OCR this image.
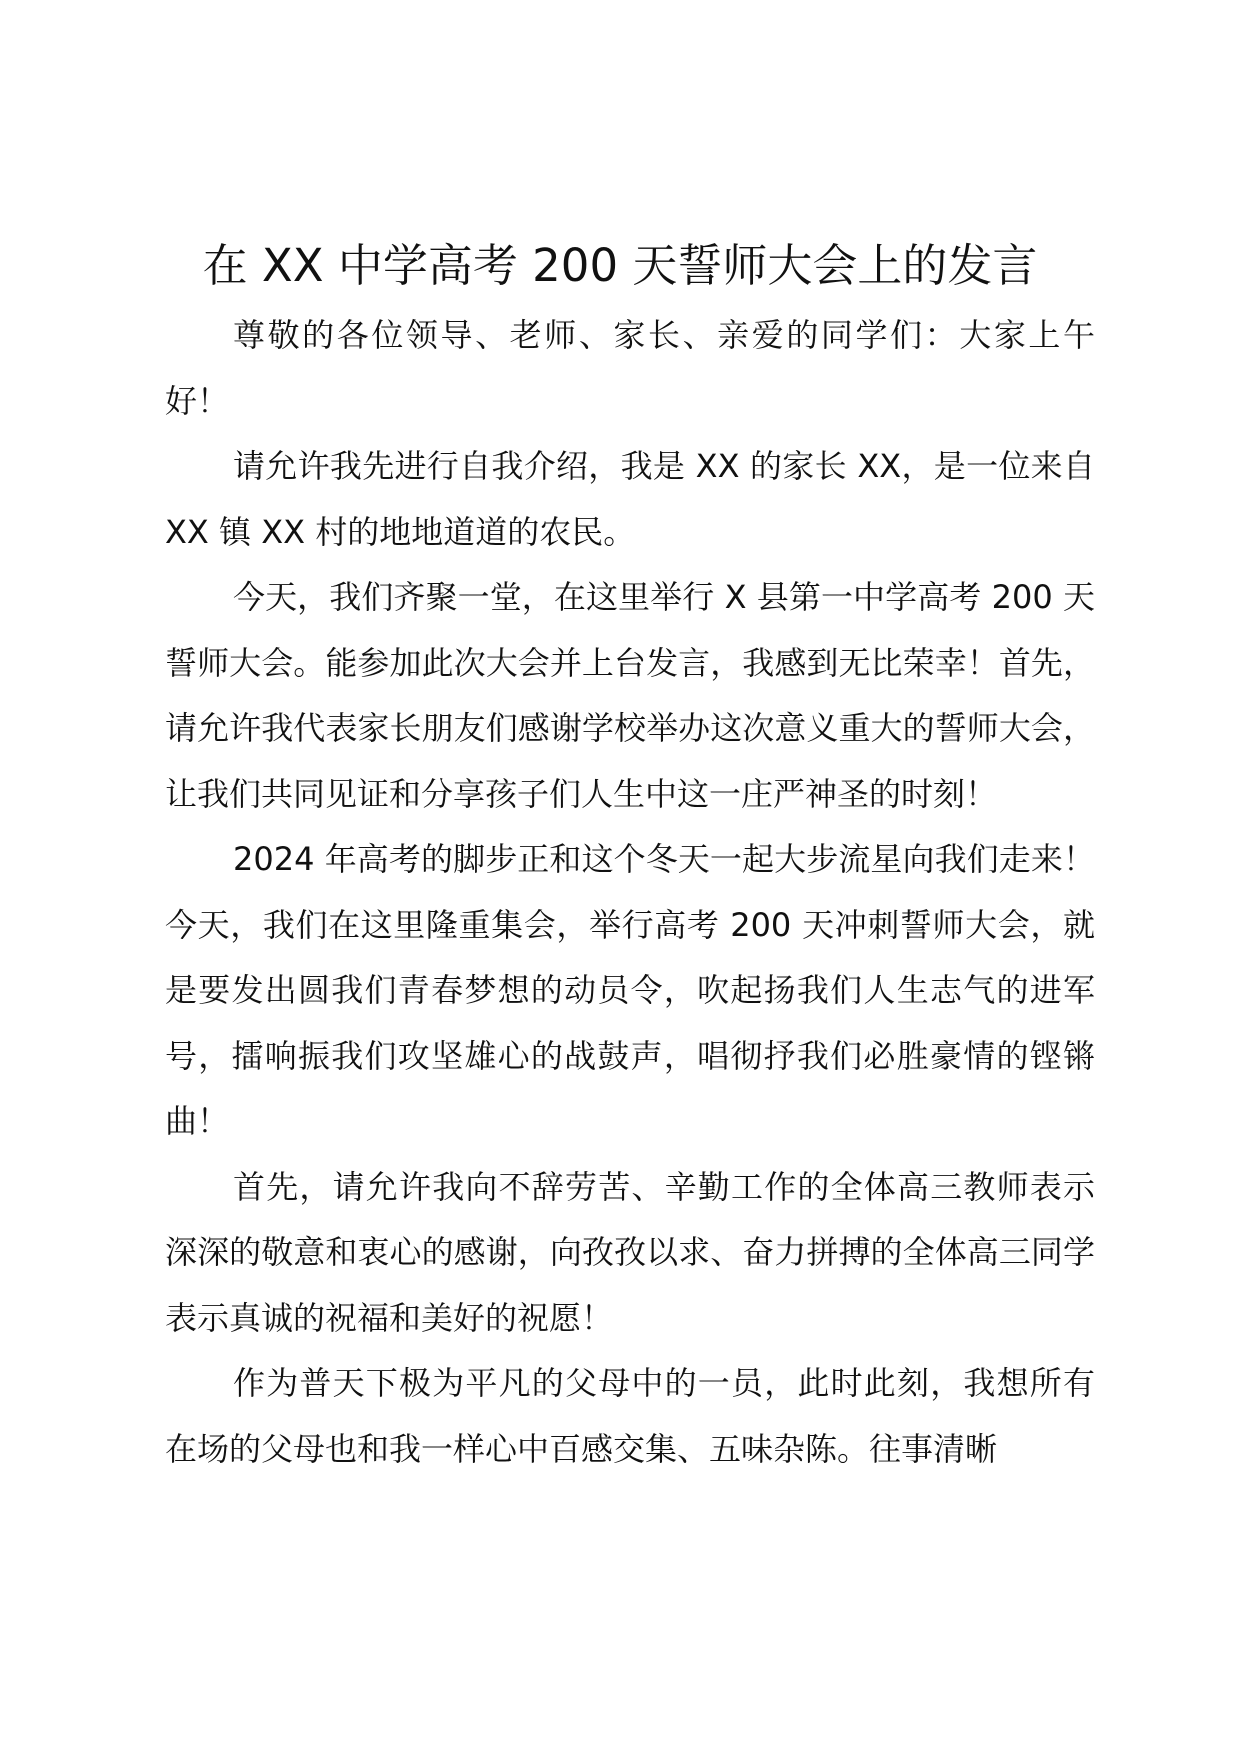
在 XX 中学高考 200 天誓师大会上的发言

尊敬的各位领导、老师、家长、亲爱的同学们：大家上午好！

请允许我先进行自我介绍，我是 XX 的家长 XX，是一位来自 XX 镇 XX 村的地地道道的农民。

今天，我们齐聚一堂，在这里举行 X 县第一中学高考 200 天誓师大会。能参加此次大会并上台发言，我感到无比荣幸！首先，请允许我代表家长朋友们感谢学校举办这次意义重大的誓师大会，让我们共同见证和分享孩子们人生中这一庄严神圣的时刻！

2024 年高考的脚步正和这个冬天一起大步流星向我们走来！今天，我们在这里隆重集会，举行高考 200 天冲刺誓师大会，就是要发出圆我们青春梦想的动员令，吹起扬我们人生志气的进军号，擂响振我们攻坚雄心的战鼓声，唱彻抒我们必胜豪情的铿锵曲！

首先，请允许我向不辞劳苦、辛勤工作的全体高三教师表示深深的敬意和衷心的感谢，向孜孜以求、奋力拼搏的全体高三同学表示真诚的祝福和美好的祝愿！

作为普天下极为平凡的父母中的一员，此时此刻，我想所有在场的父母也和我一样心中百感交集、五味杂陈。往事清晰
